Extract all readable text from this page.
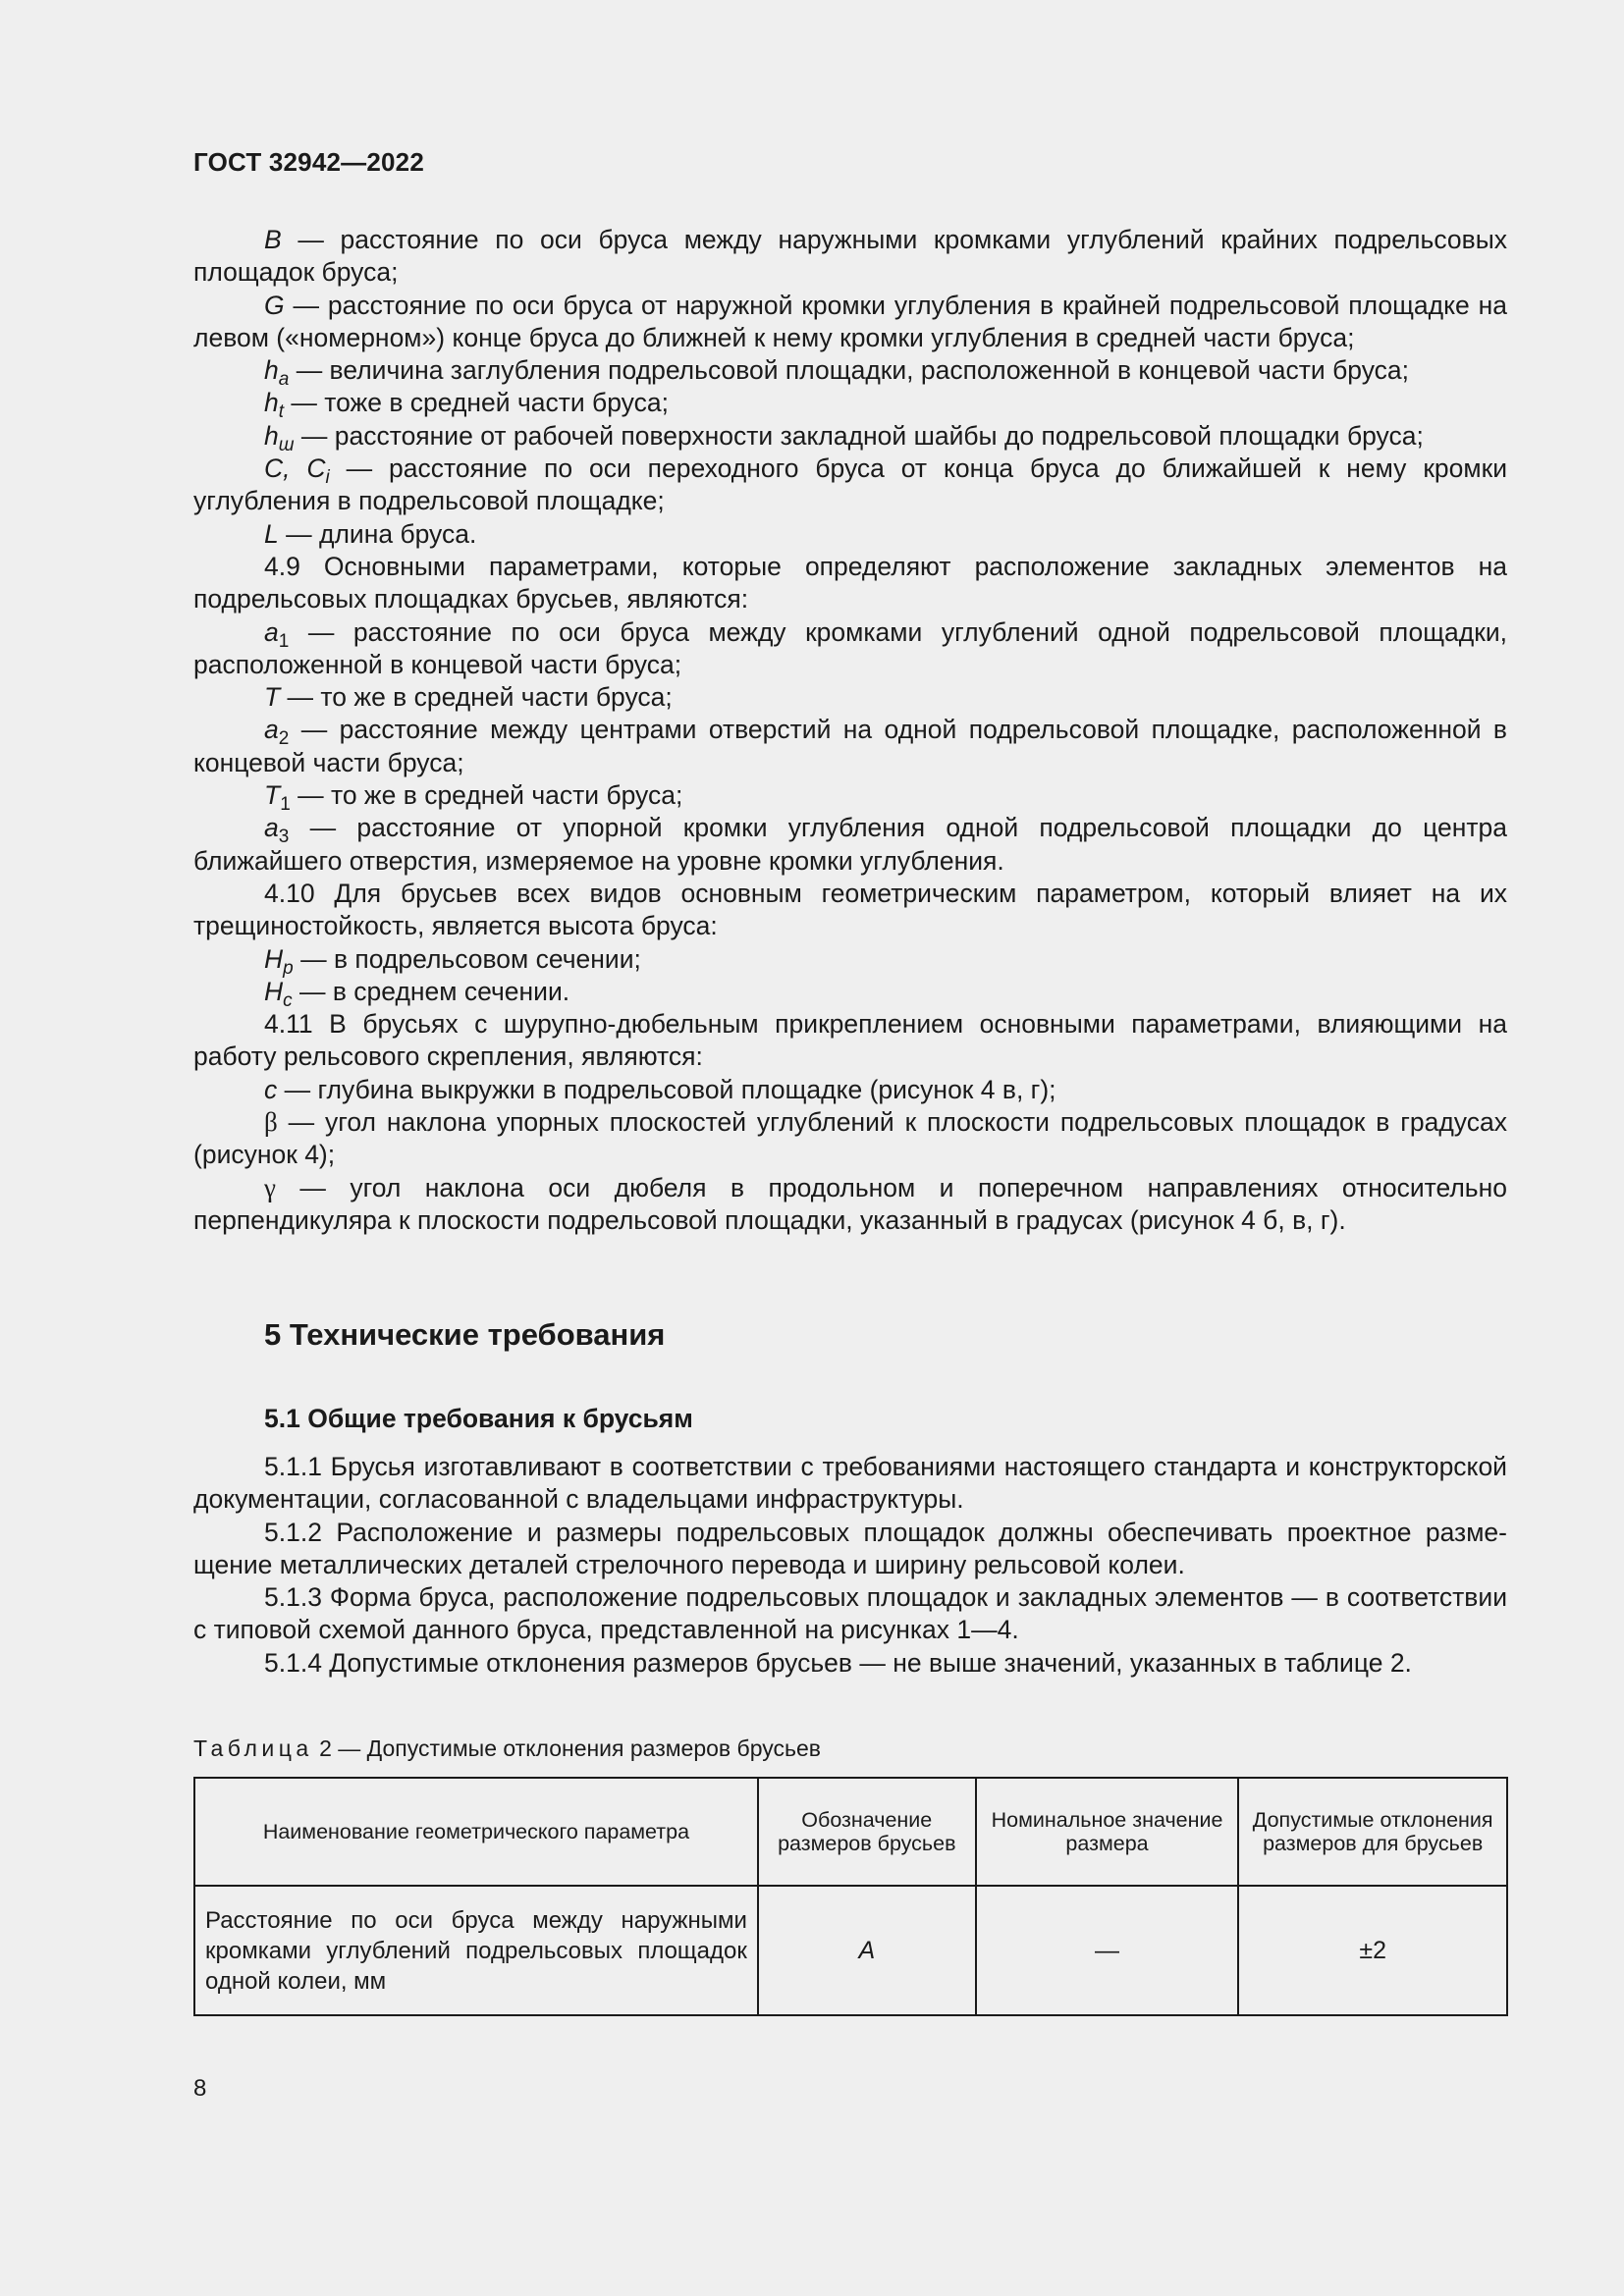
ГОСТ 32942—2022

B — расстояние по оси бруса между наружными кромками углублений крайних подрельсовых площадок бруса;

G — расстояние по оси бруса от наружной кромки углубления в крайней подрельсовой площадке на левом («номерном») конце бруса до ближней к нему кромки углубления в средней части бруса;

$h_a$ — величина заглубления подрельсовой площадки, расположенной в концевой части бруса;

$h_t$ — тоже в средней части бруса;

$h_ш$ — расстояние от рабочей поверхности закладной шайбы до подрельсовой площадки бруса;

C, $C_i$ — расстояние по оси переходного бруса от конца бруса до ближайшей к нему кромки углубления в подрельсовой площадке;

L — длина бруса.

4.9 Основными параметрами, которые определяют расположение закладных элементов на подрельсовых площадках брусьев, являются:

$a_1$ — расстояние по оси бруса между кромками углублений одной подрельсовой площадки, расположенной в концевой части бруса;

T — то же в средней части бруса;

$a_2$ — расстояние между центрами отверстий на одной подрельсовой площадке, расположенной в концевой части бруса;

$T_1$ — то же в средней части бруса;

$a_3$ — расстояние от упорной кромки углубления одной подрельсовой площадки до центра ближайшего отверстия, измеряемое на уровне кромки углубления.

4.10 Для брусьев всех видов основным геометрическим параметром, который влияет на их трещиностойкость, является высота бруса:

$H_p$ — в подрельсовом сечении;

$H_c$ — в среднем сечении.

4.11 В брусьях с шурупно-дюбельным прикреплением основными параметрами, влияющими на работу рельсового скрепления, являются:

c — глубина выкружки в подрельсовой площадке (рисунок 4 в, г);

β — угол наклона упорных плоскостей углублений к плоскости подрельсовых площадок в градусах (рисунок 4);

γ — угол наклона оси дюбеля в продольном и поперечном направлениях относительно перпендикуляра к плоскости подрельсовой площадки, указанный в градусах (рисунок 4 б, в, г).

5 Технические требования
5.1 Общие требования к брусьям

5.1.1 Брусья изготавливают в соответствии с требованиями настоящего стандарта и конструкторской документации, согласованной с владельцами инфраструктуры.

5.1.2 Расположение и размеры подрельсовых площадок должны обеспечивать проектное размещение металлических деталей стрелочного перевода и ширину рельсовой колеи.

5.1.3 Форма бруса, расположение подрельсовых площадок и закладных элементов — в соответствии с типовой схемой данного бруса, представленной на рисунках 1—4.

5.1.4 Допустимые отклонения размеров брусьев — не выше значений, указанных в таблице 2.

Таблица 2 — Допустимые отклонения размеров брусьев
Наименование геометрического параметра	Обозначение размеров брусьев	Номинальное значение размера	Допустимые отклонения размеров для брусьев
Расстояние по оси бруса между наружными кромками углублений подрельсовых площадок одной колеи, мм	A	—	±2
8
